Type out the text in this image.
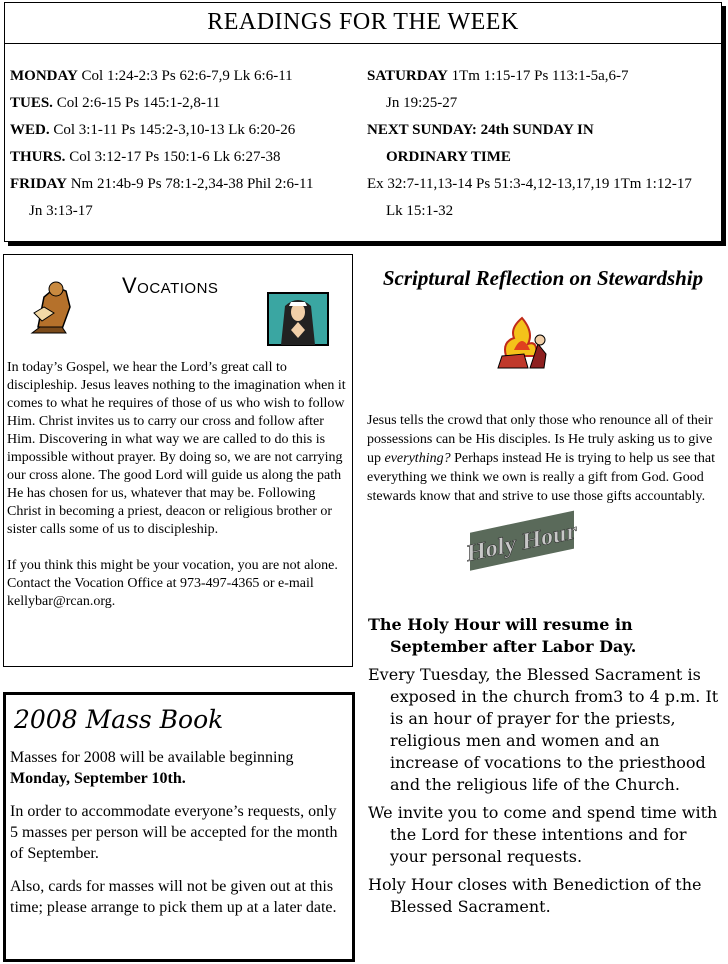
READINGS FOR THE WEEK
MONDAY Col 1:24-2:3 Ps 62:6-7,9 Lk 6:6-11
TUES. Col 2:6-15 Ps 145:1-2,8-11
WED. Col 3:1-11 Ps 145:2-3,10-13 Lk 6:20-26
THURS. Col 3:12-17 Ps 150:1-6 Lk 6:27-38
FRIDAY Nm 21:4b-9 Ps 78:1-2,34-38 Phil 2:6-11
Jn 3:13-17
SATURDAY 1Tm 1:15-17 Ps 113:1-5a,6-7
Jn 19:25-27
NEXT SUNDAY: 24th SUNDAY IN
ORDINARY TIME
Ex 32:7-11,13-14 Ps 51:3-4,12-13,17,19 1Tm 1:12-17
Lk 15:1-32
Vocations

In today’s Gospel, we hear the Lord’s great call to discipleship. Jesus leaves nothing to the imagination when it comes to what he requires of those of us who wish to follow Him. Christ invites us to carry our cross and follow after Him. Discovering in what way we are called to do this is impossible without prayer. By doing so, we are not carrying our cross alone. The good Lord will guide us along the path He has chosen for us, whatever that may be. Following Christ in becoming a priest, deacon or religious brother or sister calls some of us to discipleship.

If you think this might be your vocation, you are not alone. Contact the Vocation Office at 973-497-4365 or e-mail kellybar@rcan.org.

2008 Mass Book

Masses for 2008 will be available beginning Monday, September 10th.

In order to accommodate everyone’s requests, only 5 masses per person will be accepted for the month of September.

Also, cards for masses will not be given out at this time; please arrange to pick them up at a later date.

Scriptural Reflection on Stewardship
Jesus tells the crowd that only those who renounce all of their possessions can be His disciples. Is He truly asking us to give up everything? Perhaps instead He is trying to help us see that everything we think we own is really a gift from God. Good stewards know that and strive to use those gifts accountably.
Holy Hour

The Holy Hour will resume in September after Labor Day.

Every Tuesday, the Blessed Sacrament is exposed in the church from3 to 4 p.m. It is an hour of prayer for the priests, religious men and women and an increase of vocations to the priesthood and the religious life of the Church.

We invite you to come and spend time with the Lord for these intentions and for your personal requests.

Holy Hour closes with Benediction of the Blessed Sacrament.
